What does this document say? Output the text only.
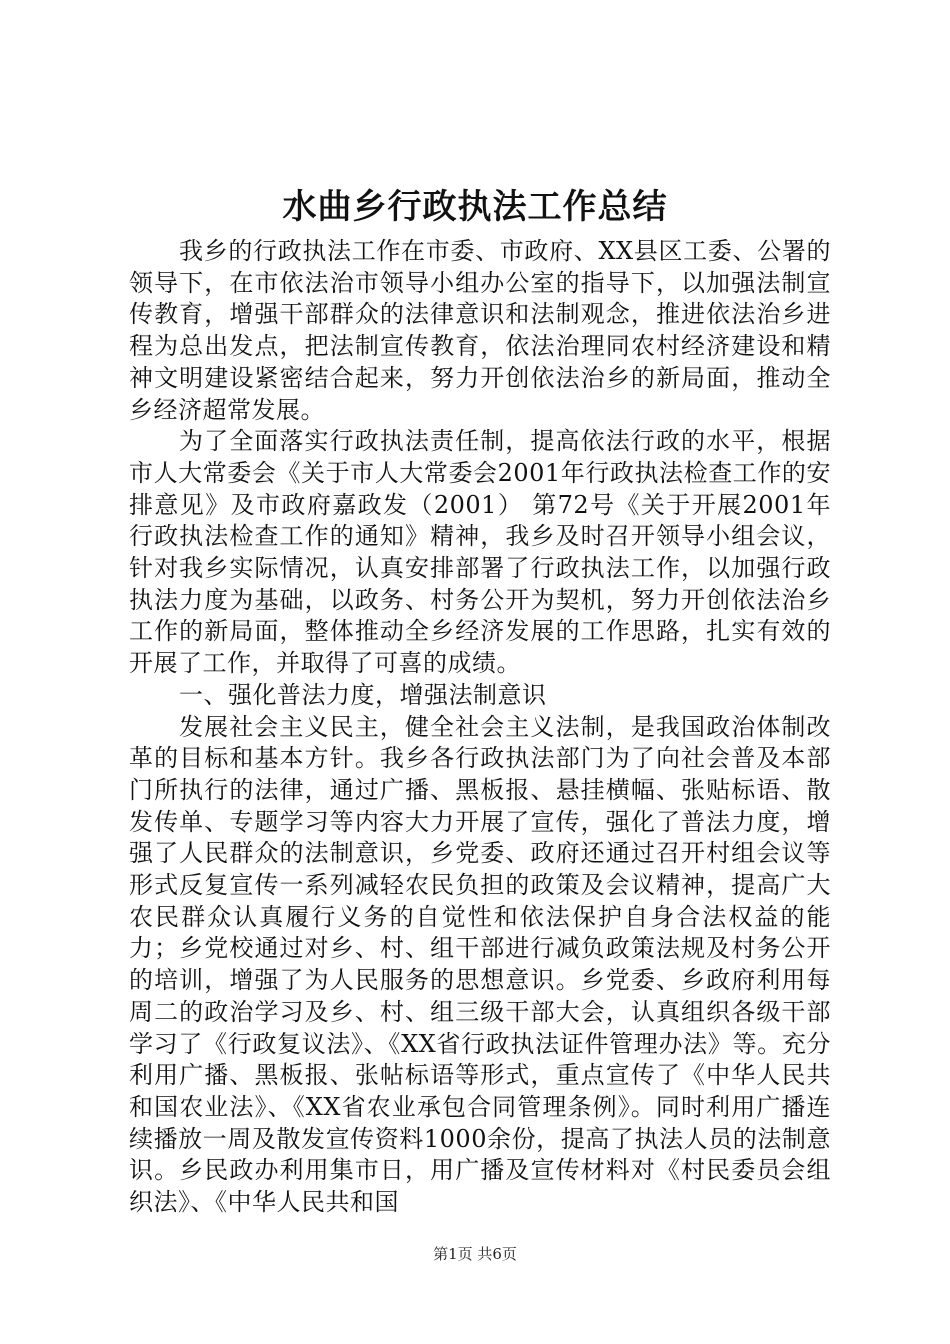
水曲乡行政执法工作总结

我乡的行政执法工作在市委、市政府、XX县区工委、公署的领导下，在市依法治市领导小组办公室的指导下，以加强法制宣传教育，增强干部群众的法律意识和法制观念，推进依法治乡进程为总出发点，把法制宣传教育，依法治理同农村经济建设和精神文明建设紧密结合起来，努力开创依法治乡的新局面，推动全乡经济超常发展。

为了全面落实行政执法责任制，提高依法行政的水平，根据市人大常委会《关于市人大常委会2001年行政执法检查工作的安排意见》及市政府嘉政发（2001） 第72号《关于开展2001年行政执法检查工作的通知》精神，我乡及时召开领导小组会议，针对我乡实际情况，认真安排部署了行政执法工作，以加强行政执法力度为基础，以政务、村务公开为契机，努力开创依法治乡工作的新局面，整体推动全乡经济发展的工作思路，扎实有效的开展了工作，并取得了可喜的成绩。

一、强化普法力度，增强法制意识

发展社会主义民主，健全社会主义法制，是我国政治体制改革的目标和基本方针。我乡各行政执法部门为了向社会普及本部门所执行的法律，通过广播、黑板报、悬挂横幅、张贴标语、散发传单、专题学习等内容大力开展了宣传，强化了普法力度，增强了人民群众的法制意识，乡党委、政府还通过召开村组会议等形式反复宣传一系列减轻农民负担的政策及会议精神，提高广大农民群众认真履行义务的自觉性和依法保护自身合法权益的能力；乡党校通过对乡、村、组干部进行减负政策法规及村务公开的培训，增强了为人民服务的思想意识。乡党委、乡政府利用每周二的政治学习及乡、村、组三级干部大会，认真组织各级干部学习了《行政复议法》、《XX省行政执法证件管理办法》等。充分利用广播、黑板报、张帖标语等形式，重点宣传了《中华人民共和国农业法》、《XX省农业承包合同管理条例》。同时利用广播连续播放一周及散发宣传资料1000余份，提高了执法人员的法制意识。乡民政办利用集市日，用广播及宣传材料对《村民委员会组织法》、《中华人民共和国

第1页 共6页
